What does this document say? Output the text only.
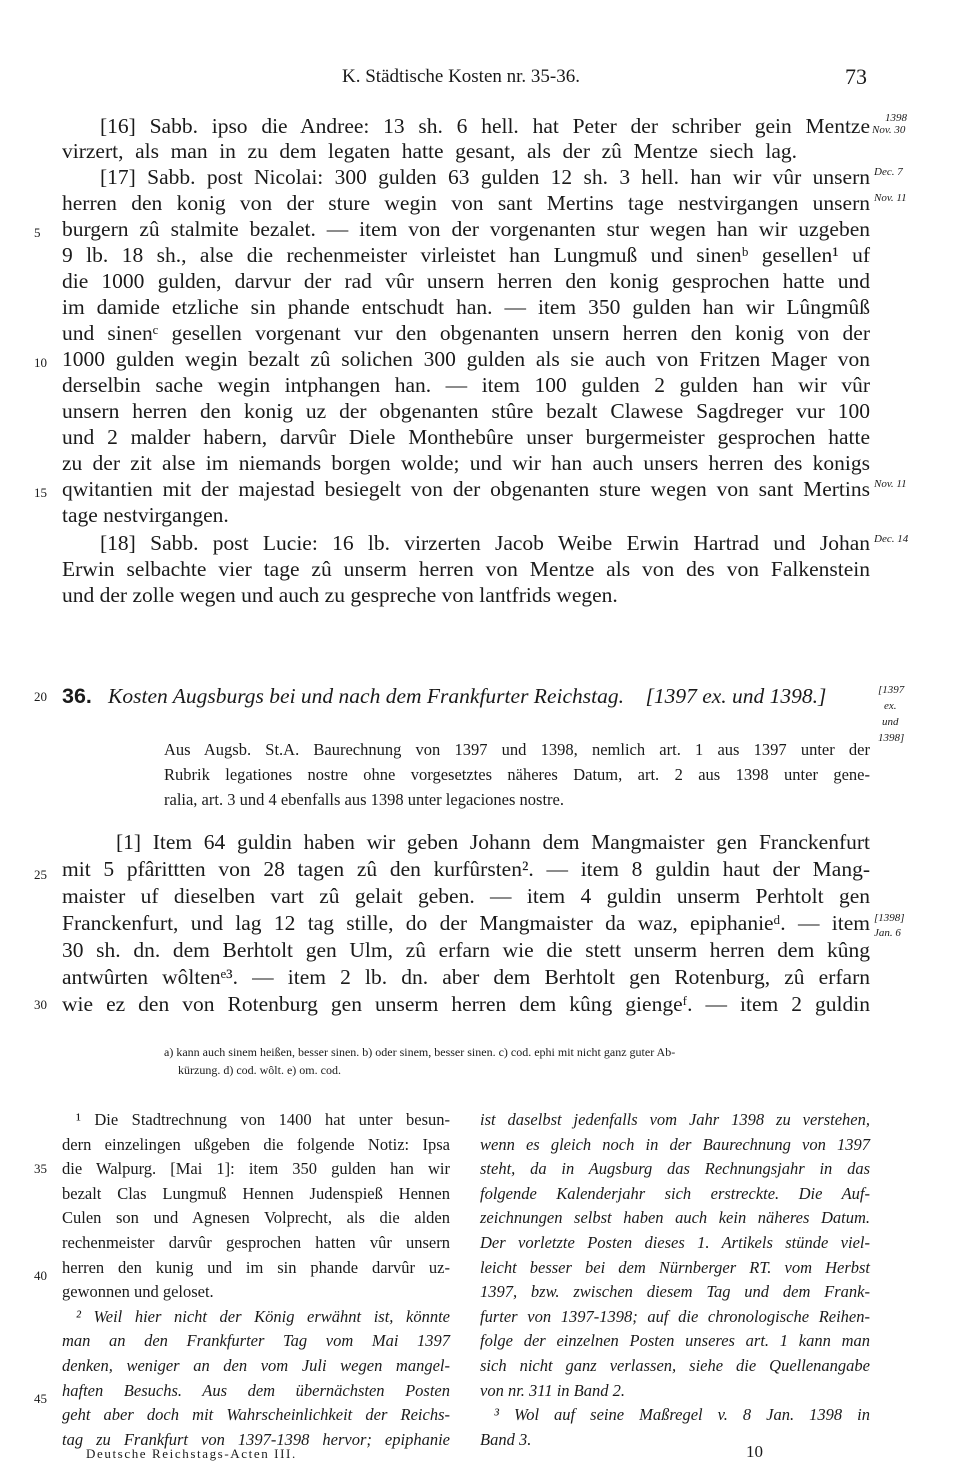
K. Städtische Kosten nr. 35-36.	73
[16] Sabb. ipso die Andree: 13 sh. 6 hell. hat Peter der schriber gein Mentze
virzert, als man in zu dem legaten hatte gesant, als der zû Mentze siech lag.
[17] Sabb. post Nicolai: 300 gulden 63 gulden 12 sh. 3 hell. han wir vûr unsern
herren den konig von der sture wegin von sant Mertins tage nestvirgangen unsern
burgern zû stalmite bezalet. — item von der vorgenanten stur wegen han wir uzgeben
9 lb. 18 sh., alse die rechenmeister virleistet han Lungmuß und sinenᵇ gesellen¹ uf
die 1000 gulden, darvur der rad vûr unsern herren den konig gesprochen hatte und
im damide etzliche sin phande entschudt han. — item 350 gulden han wir Lûngmûß
und sinenᶜ gesellen vorgenant vur den obgenanten unsern herren den konig von der
1000 gulden wegin bezalt zû solichen 300 gulden als sie auch von Fritzen Mager von
derselbin sache wegin intphangen han. — item 100 gulden 2 gulden han wir vûr
unsern herren den konig uz der obgenanten stûre bezalt Clawese Sagdreger vur 100
und 2 malder habern, darvûr Diele Monthebûre unser burgermeister gesprochen hatte
zu der zit alse im niemands borgen wolde; und wir han auch unsers herren des konigs
qwitantien mit der majestad besiegelt von der obgenanten sture wegen von sant Mertins
tage nestvirgangen.
[18] Sabb. post Lucie: 16 lb. virzerten Jacob Weibe Erwin Hartrad und Johan
Erwin selbachte vier tage zû unserm herren von Mentze als von des von Falkenstein
und der zolle wegen und auch zu gespreche von lantfrids wegen.
1398
Nov. 30
Dec. 7
Nov. 11
Nov. 11
Dec. 14
5
10
15
20
25
30
35
40
45
36. Kosten Augsburgs bei und nach dem Frankfurter Reichstag. [1397 ex. und 1398.]	[1397
ex.
und
1398]
Aus Augsb. St.A. Baurechnung von 1397 und 1398, nemlich art. 1 aus 1397 unter der
Rubrik legationes nostre ohne vorgesetztes näheres Datum, art. 2 aus 1398 unter gene-
ralia, art. 3 und 4 ebenfalls aus 1398 unter legaciones nostre.
[1] Item 64 guldin haben wir geben Johann dem Mangmaister gen Franckenfurt
mit 5 pfârittten von 28 tagen zû den kurfûrsten². — item 8 guldin haut der Mang-
maister uf dieselben vart zû gelait geben. — item 4 guldin unserm Perhtolt gen
Franckenfurt, und lag 12 tag stille, do der Mangmaister da waz, epiphanieᵈ. — item
30 sh. dn. dem Berhtolt gen Ulm, zû erfarn wie die stett unserm herren dem kûng
antwûrten wôltenᵉ³. — item 2 lb. dn. aber dem Berhtolt gen Rotenburg, zû erfarn
wie ez den von Rotenburg gen unserm herren dem kûng giengeᶠ. — item 2 guldin
[1398]
Jan. 6
a) kann auch sinem heißen, besser sinen. b) oder sinem, besser sinen. c) cod. ephi mit nicht ganz guter Ab-
kürzung. d) cod. wôlt. e) om. cod.
¹ Die Stadtrechnung von 1400 hat unter besun-
dern einzelingen ußgeben die folgende Notiz: Ipsa
die Walpurg. [Mai 1]: item 350 gulden han wir
bezalt Clas Lungmuß Hennen Judenspieß Hennen
Culen son und Agnesen Volprecht, als die alden
rechenmeister darvûr gesprochen hatten vûr unsern
herren den kunig und im sin phande darvûr uz-
gewonnen und geloset.
² Weil hier nicht der König erwähnt ist, könnte
man an den Frankfurter Tag vom Mai 1397
denken, weniger an den vom Juli wegen mangel-
haften Besuchs. Aus dem übernächsten Posten
geht aber doch mit Wahrscheinlichkeit der Reichs-
tag zu Frankfurt von 1397-1398 hervor; epiphanie
ist daselbst jedenfalls vom Jahr 1398 zu verstehen,
wenn es gleich noch in der Baurechnung von 1397
steht, da in Augsburg das Rechnungsjahr in das
folgende Kalenderjahr sich erstreckte. Die Auf-
zeichnungen selbst haben auch kein näheres Datum.
Der vorletzte Posten dieses 1. Artikels stünde viel-
leicht besser bei dem Nürnberger RT. vom Herbst
1397, bzw. zwischen diesem Tag und dem Frank-
furter von 1397-1398; auf die chronologische Reihen-
folge der einzelnen Posten unseres art. 1 kann man
sich nicht ganz verlassen, siehe die Quellenangabe
von nr. 311 in Band 2.
³ Wol auf seine Maßregel v. 8 Jan. 1398 in
Band 3.
Deutsche Reichstags-Acten III.	10
